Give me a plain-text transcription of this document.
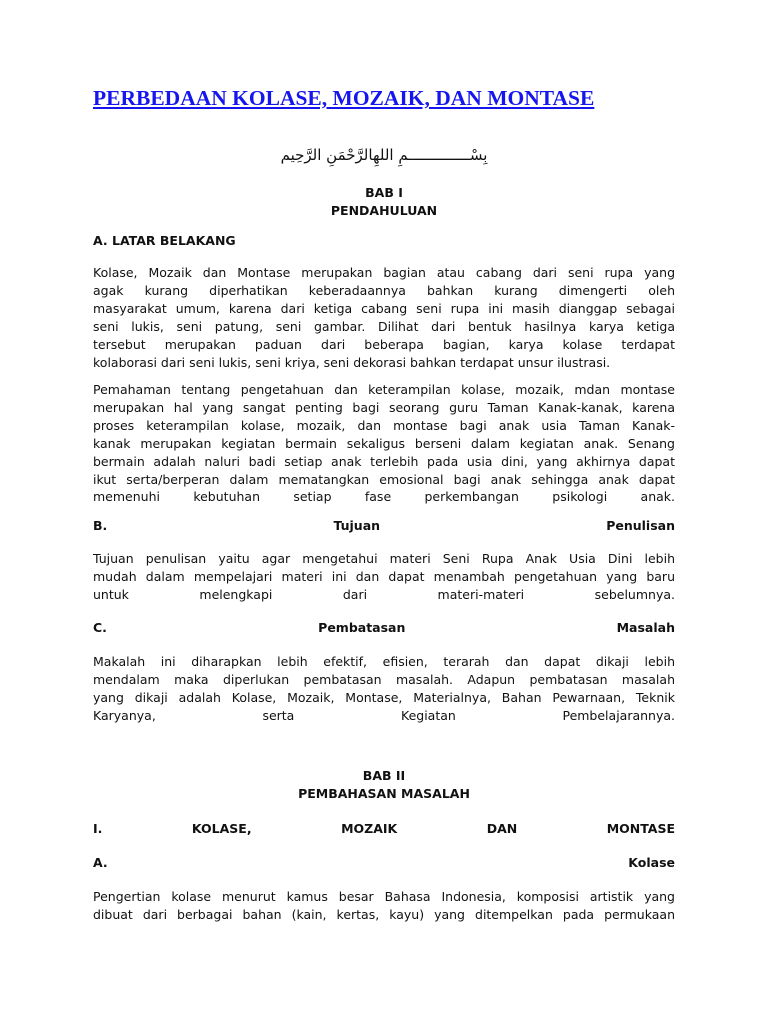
PERBEDAAN KOLASE, MOZAIK, DAN MONTASE
بِسْــــــــــــــمِ اللهِالرَّحْمَنِ الرَّحِيم
BAB I
PENDAHULUAN
A. LATAR BELAKANG
Kolase, Mozaik dan Montase merupakan bagian atau cabang dari seni rupa yang
agak kurang diperhatikan keberadaannya bahkan kurang dimengerti oleh
masyarakat umum, karena dari ketiga cabang seni rupa ini masih dianggap sebagai
seni lukis, seni patung, seni gambar. Dilihat dari bentuk hasilnya karya ketiga
tersebut merupakan paduan dari beberapa bagian, karya kolase terdapat
kolaborasi dari seni lukis, seni kriya, seni dekorasi bahkan terdapat unsur ilustrasi.
Pemahaman tentang pengetahuan dan keterampilan kolase, mozaik, mdan montase
merupakan hal yang sangat penting bagi seorang guru Taman Kanak-kanak, karena
proses keterampilan kolase, mozaik, dan montase bagi anak usia Taman Kanak-
kanak merupakan kegiatan bermain sekaligus berseni dalam kegiatan anak. Senang
bermain adalah naluri badi setiap anak terlebih pada usia dini, yang akhirnya dapat
ikut serta/berperan dalam mematangkan emosional bagi anak sehingga anak dapat
memenuhi kebutuhan setiap fase perkembangan psikologi anak.
B.	Tujuan	Penulisan
Tujuan penulisan yaitu agar mengetahui materi Seni Rupa Anak Usia Dini lebih
mudah dalam mempelajari materi ini dan dapat menambah pengetahuan yang baru
untuk melengkapi dari materi-materi sebelumnya.
C.	Pembatasan	Masalah
Makalah ini diharapkan lebih efektif, efisien, terarah dan dapat dikaji lebih
mendalam maka diperlukan pembatasan masalah. Adapun pembatasan masalah
yang dikaji adalah Kolase, Mozaik, Montase, Materialnya, Bahan Pewarnaan, Teknik
Karyanya, serta Kegiatan Pembelajarannya.
BAB II
PEMBAHASAN MASALAH
I.	KOLASE,	MOZAIK	DAN	MONTASE
A.	Kolase
Pengertian kolase menurut kamus besar Bahasa Indonesia, komposisi artistik yang
dibuat dari berbagai bahan (kain, kertas, kayu) yang ditempelkan pada permukaan
